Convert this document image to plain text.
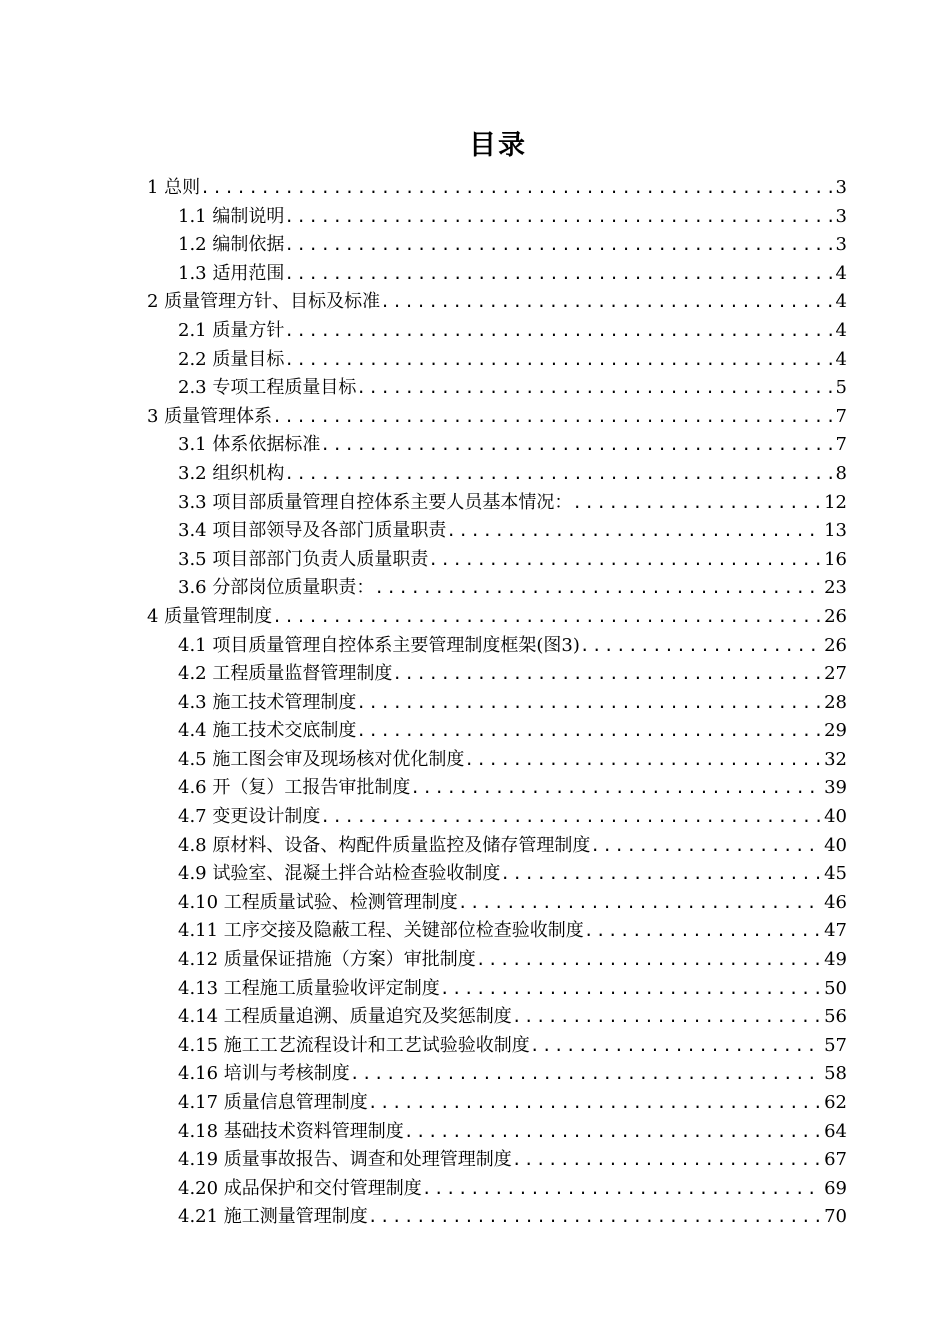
目录
1 总则 .....	3
1.1 编制说明 .....	3
1.2 编制依据 .....	3
1.3 适用范围 .....	4
2 质量管理方针、目标及标准 .....	4
2.1 质量方针 .....	4
2.2 质量目标 .....	4
2.3 专项工程质量目标 .....	5
3 质量管理体系 .....	7
3.1 体系依据标准 .....	7
3.2 组织机构 .....	8
3.3 项目部质量管理自控体系主要人员基本情况： .....	12
3.4 项目部领导及各部门质量职责 .....	13
3.5 项目部部门负责人质量职责 .....	16
3.6 分部岗位质量职责： .....	23
4 质量管理制度 .....	26
4.1 项目质量管理自控体系主要管理制度框架(图3) .....	26
4.2 工程质量监督管理制度 .....	27
4.3 施工技术管理制度 .....	28
4.4 施工技术交底制度 .....	29
4.5 施工图会审及现场核对优化制度 .....	32
4.6 开（复）工报告审批制度 .....	39
4.7 变更设计制度 .....	40
4.8 原材料、设备、构配件质量监控及储存管理制度 .....	40
4.9 试验室、混凝土拌合站检查验收制度 .....	45
4.10 工程质量试验、检测管理制度 .....	46
4.11 工序交接及隐蔽工程、关键部位检查验收制度 .....	47
4.12 质量保证措施（方案）审批制度 .....	49
4.13 工程施工质量验收评定制度 .....	50
4.14 工程质量追溯、质量追究及奖惩制度 .....	56
4.15 施工工艺流程设计和工艺试验验收制度 .....	57
4.16 培训与考核制度 .....	58
4.17 质量信息管理制度 .....	62
4.18 基础技术资料管理制度 .....	64
4.19 质量事故报告、调查和处理管理制度 .....	67
4.20 成品保护和交付管理制度 .....	69
4.21 施工测量管理制度 .....	70
